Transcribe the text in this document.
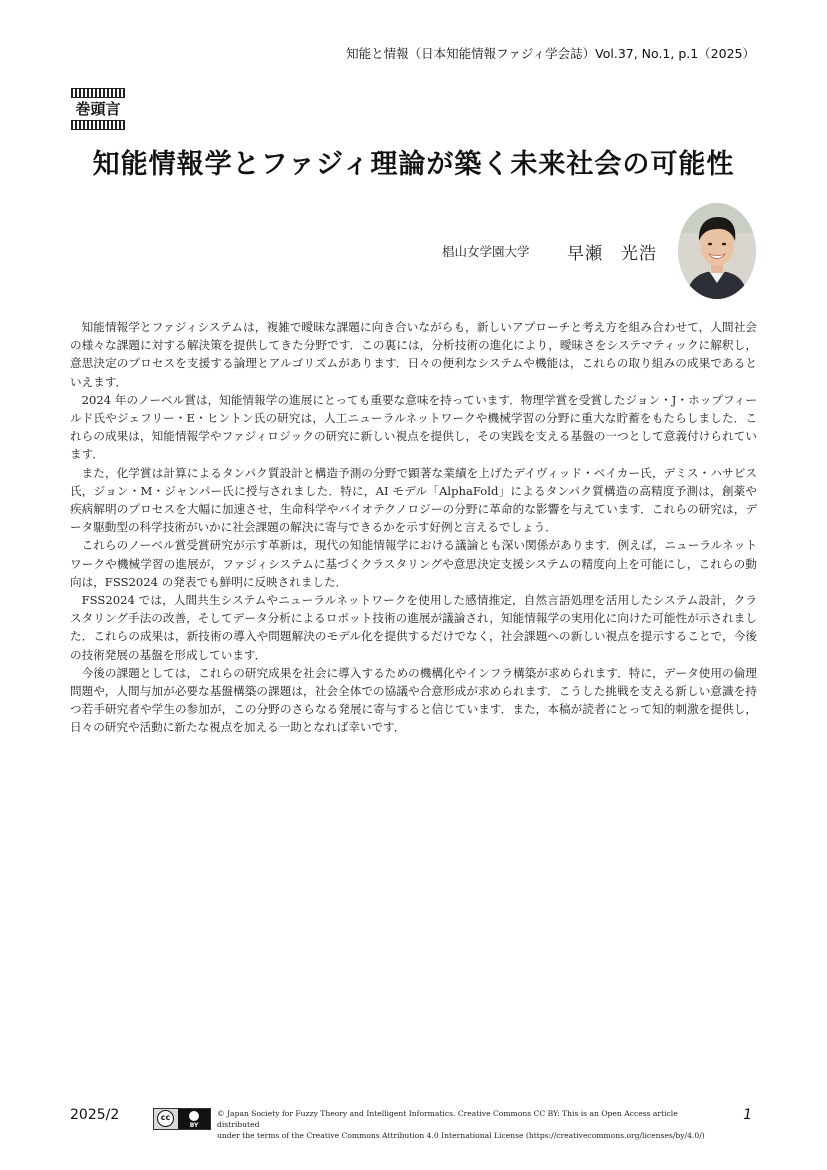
知能と情報（日本知能情報ファジィ学会誌）Vol.37, No.1, p.1（2025）
巻頭言
知能情報学とファジィ理論が築く未来社会の可能性
椙山女学園大学 早瀬　光浩

知能情報学とファジィシステムは，複雑で曖昧な課題に向き合いながらも，新しいアプローチと考え方を組み合わせて，人間社会の様々な課題に対する解決策を提供してきた分野です．この裏には，分析技術の進化により，曖昧さをシステマティックに解釈し，意思決定のプロセスを支援する論理とアルゴリズムがあります．日々の便利なシステムや機能は，これらの取り組みの成果であるといえます．

2024 年のノーベル賞は，知能情報学の進展にとっても重要な意味を持っています．物理学賞を受賞したジョン・J・ホップフィールド氏やジェフリー・E・ヒントン氏の研究は，人工ニューラルネットワークや機械学習の分野に重大な貯蓄をもたらしました．これらの成果は，知能情報学やファジィロジックの研究に新しい視点を提供し，その実践を支える基盤の一つとして意義付けられています．

また，化学賞は計算によるタンパク質設計と構造予測の分野で顕著な業績を上げたデイヴィッド・ベイカー氏，デミス・ハサビス氏，ジョン・M・ジャンパー氏に授与されました．特に，AI モデル「AlphaFold」によるタンパク質構造の高精度予測は，創薬や疾病解明のプロセスを大幅に加速させ，生命科学やバイオテクノロジーの分野に革命的な影響を与えています．これらの研究は，データ駆動型の科学技術がいかに社会課題の解決に寄与できるかを示す好例と言えるでしょう．

これらのノーベル賞受賞研究が示す革新は，現代の知能情報学における議論とも深い関係があります．例えば，ニューラルネットワークや機械学習の進展が，ファジィシステムに基づくクラスタリングや意思決定支援システムの精度向上を可能にし，これらの動向は，FSS2024 の発表でも鮮明に反映されました．

FSS2024 では，人間共生システムやニューラルネットワークを使用した感情推定，自然言語処理を活用したシステム設計，クラスタリング手法の改善，そしてデータ分析によるロボット技術の進展が議論され，知能情報学の実用化に向けた可能性が示されました．これらの成果は，新技術の導入や問題解決のモデル化を提供するだけでなく，社会課題への新しい視点を提示することで，今後の技術発展の基盤を形成しています．

今後の課題としては，これらの研究成果を社会に導入するための機構化やインフラ構築が求められます．特に，データ使用の倫理問題や，人間与加が必要な基盤構築の課題は，社会全体での協議や合意形成が求められます．こうした挑戦を支える新しい意識を持つ若手研究者や学生の参加が，この分野のさらなる発展に寄与すると信じています．また，本稿が読者にとって知的刺激を提供し，日々の研究や活動に新たな視点を加える一助となれば幸いです．

2025/2	cc
BY
© Japan Society for Fuzzy Theory and Intelligent Informatics. Creative Commons CC BY: This is an Open Access article distributed
under the terms of the Creative Commons Attribution 4.0 International License (https://creativecommons.org/licenses/by/4.0/)
1
